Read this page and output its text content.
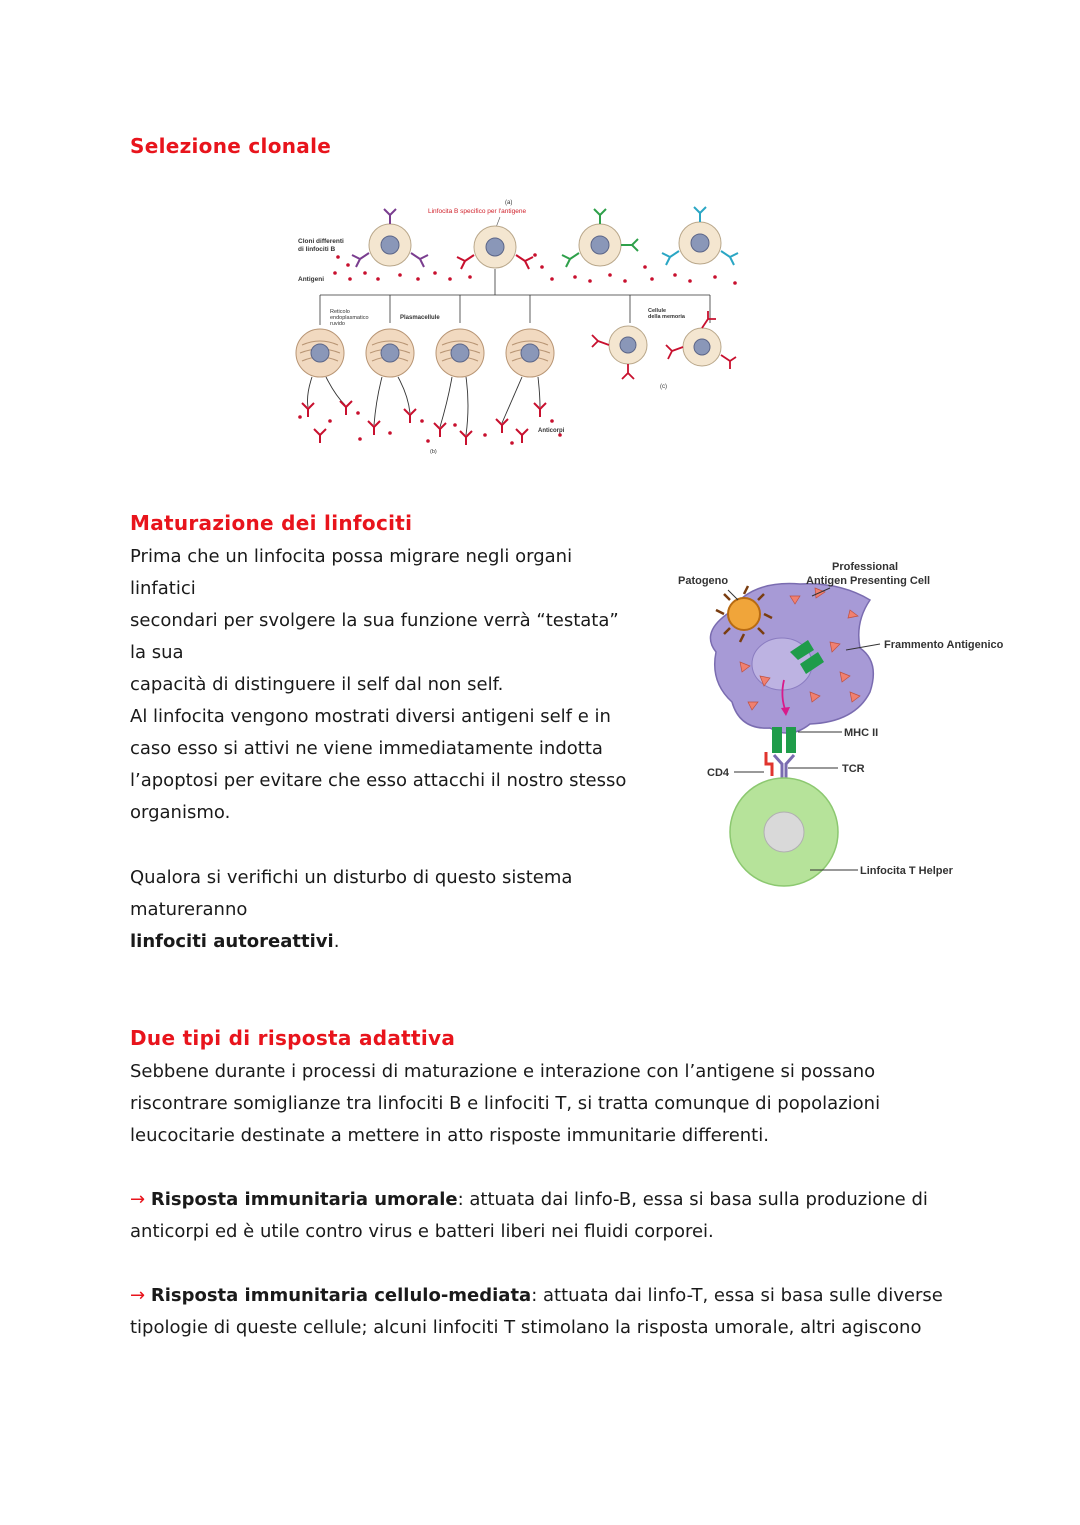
Selezione clonale
(a)
Linfocita B specifico per l'antigene
Cloni differenti
di linfociti B
Antigeni
Reticolo
endoplasmatico
ruvido
Plasmacellule
Cellule
della memoria
(c)
Anticorpi
(b)
Maturazione dei linfociti
Prima che un linfocita possa migrare negli organi
linfatici
secondari per svolgere la sua funzione verrà “testata”
la sua
capacità di distinguere il self dal non self.
Al linfocita vengono mostrati diversi antigeni self e in
caso esso si attivi ne viene immediatamente indotta
l’apoptosi per evitare che esso attacchi il nostro stesso
organismo.
Qualora si verifichi un disturbo di questo sistema
matureranno
linfociti autoreattivi.
Patogeno
Professional
Antigen Presenting Cell
Frammento Antigenico
MHC II
CD4	TCR
Linfocita T Helper
Due tipi di risposta adattiva
Sebbene durante i processi di maturazione e interazione con l’antigene si possano
riscontrare somiglianze tra linfociti B e linfociti T, si tratta comunque di popolazioni
leucocitarie destinate a mettere in atto risposte immunitarie differenti.
→ Risposta immunitaria umorale: attuata dai linfo-B, essa si basa sulla produzione di
anticorpi ed è utile contro virus e batteri liberi nei fluidi corporei.
→ Risposta immunitaria cellulo-mediata: attuata dai linfo-T, essa si basa sulle diverse
tipologie di queste cellule; alcuni linfociti T stimolano la risposta umorale, altri agiscono
